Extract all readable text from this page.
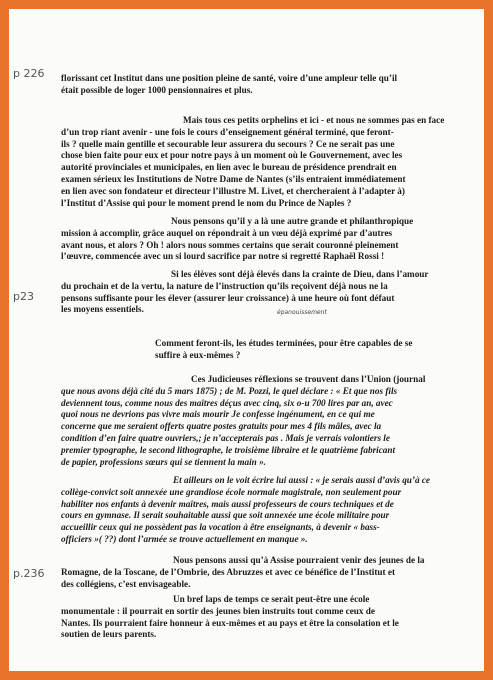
p 226
p23
p.236
épanouissement
florissant cet Institut dans une position pleine de santé, voire d’une ampleur telle qu’il
était possible de loger 1000 pensionnaires et plus.
Mais tous ces petits orphelins et ici - et nous ne sommes pas en face
d’un trop riant avenir - une fois le cours d’enseignement général terminé, que feront-
ils ? quelle main gentille et secourable leur assurera du secours ? Ce ne serait pas une
chose bien faite pour eux et pour notre pays à un moment où le Gouvernement, avec les
autorité provinciales et municipales, en lien avec le bureau de présidence prendrait en
examen sérieux les Institutions de Notre Dame de Nantes (s’ils entraient immédiatement
en lien avec son fondateur et directeur l’illustre M. Livet, et chercheraient à l’adapter à)
l’Institut d’Assise qui pour le moment prend le nom du Prince de Naples ?
Nous pensons qu’il y a là une autre grande et philanthropique
mission à accomplir, grâce auquel on répondrait à un vœu déjà exprimé par d’autres
avant nous, et alors ? Oh ! alors nous sommes certains que serait couronné pleinement
l’œuvre, commencée avec un si lourd sacrifice par notre si regretté Raphaël Rossi !
Si les élèves sont déjà élevés dans la crainte de Dieu, dans l’amour
du prochain et de la vertu, la nature de l’instruction qu’ils reçoivent déjà nous ne la
pensons suffisante pour les élever (assurer leur croissance) à une heure où font défaut
les moyens essentiels.
Comment feront-ils, les études terminées, pour être capables de se
suffire à eux-mêmes ?
Ces Judicieuses réflexions se trouvent dans l’Union (journal
que nous avons déjà cité du 5 mars 1875) ; de M. Pozzi, le quel déclare : « Et que nos fils
deviennent tous, comme nous des maîtres déçus avec cinq, six o-u 700 lires par an, avec
quoi nous ne devrions pas vivre mais mourir Je confesse ingénument, en ce qui me
concerne que me seraient offerts quatre postes gratuits pour mes 4 fils mâles, avec la
condition d’en faire quatre ouvriers,; je n’accepterais pas . Mais je verrais volontiers le
premier typographe, le second lithographe, le troisième libraire et le quatrième fabricant
de papier, professions sœurs qui se tiennent la main ».
Et ailleurs on le voit écrire lui aussi : « je serais aussi d’avis qu’à ce
collège-convict soit annexée une grandiose école normale magistrale, non seulement pour
habiliter nos enfants à devenir maîtres, mais aussi professeurs de cours techniques et de
cours en gymnase. Il serait souhaitable aussi que soit annexée une école militaire pour
accueillir ceux qui ne possèdent pas la vocation à être enseignants, à devenir « bass-
officiers »( ??) dont l’armée se trouve actuellement en manque ».
Nous pensons aussi qu’à Assise pourraient venir des jeunes de la
Romagne, de la Toscane, de l’Ombrie, des Abruzzes et avec ce bénéfice de l’Institut et
des collégiens, c’est envisageable.
Un bref laps de temps ce serait peut-être une école
monumentale : il pourrait en sortir des jeunes bien instruits tout comme ceux de
Nantes. Ils pourraient faire honneur à eux-mêmes et au pays et être la consolation et le
soutien de leurs parents.
